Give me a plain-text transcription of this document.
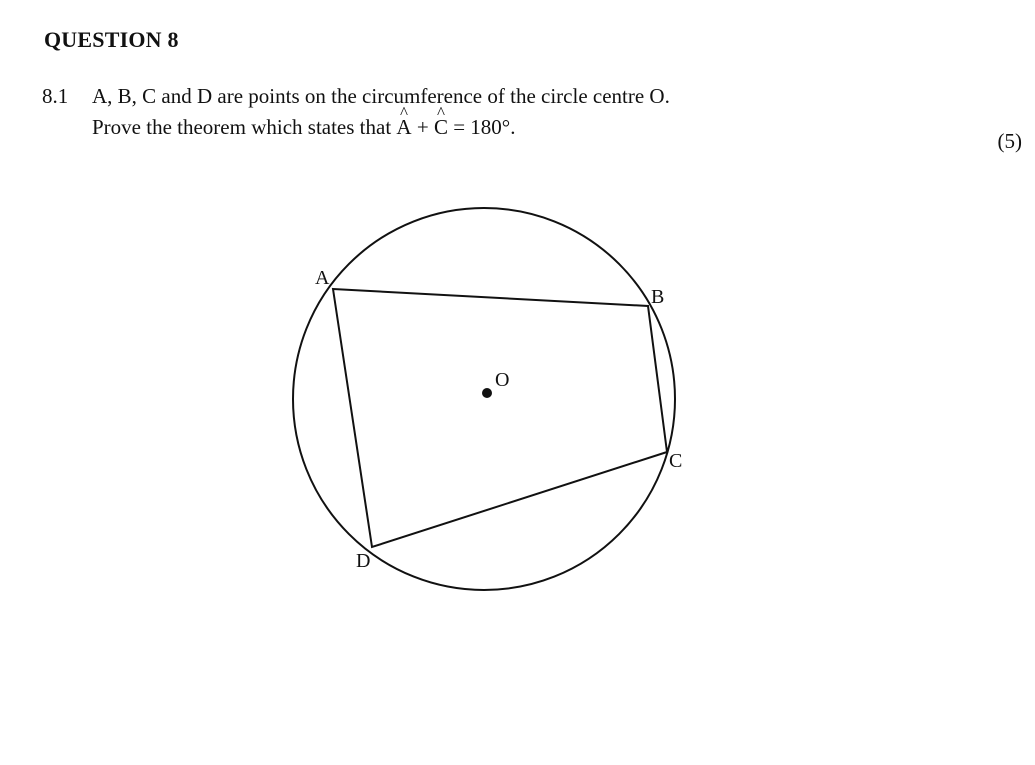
QUESTION 8
8.1 A, B, C and D are points on the circumference of the circle centre O.
Prove the theorem which states that ^ A + ^ C = 180°.
(5)
A
B
C
D
O
